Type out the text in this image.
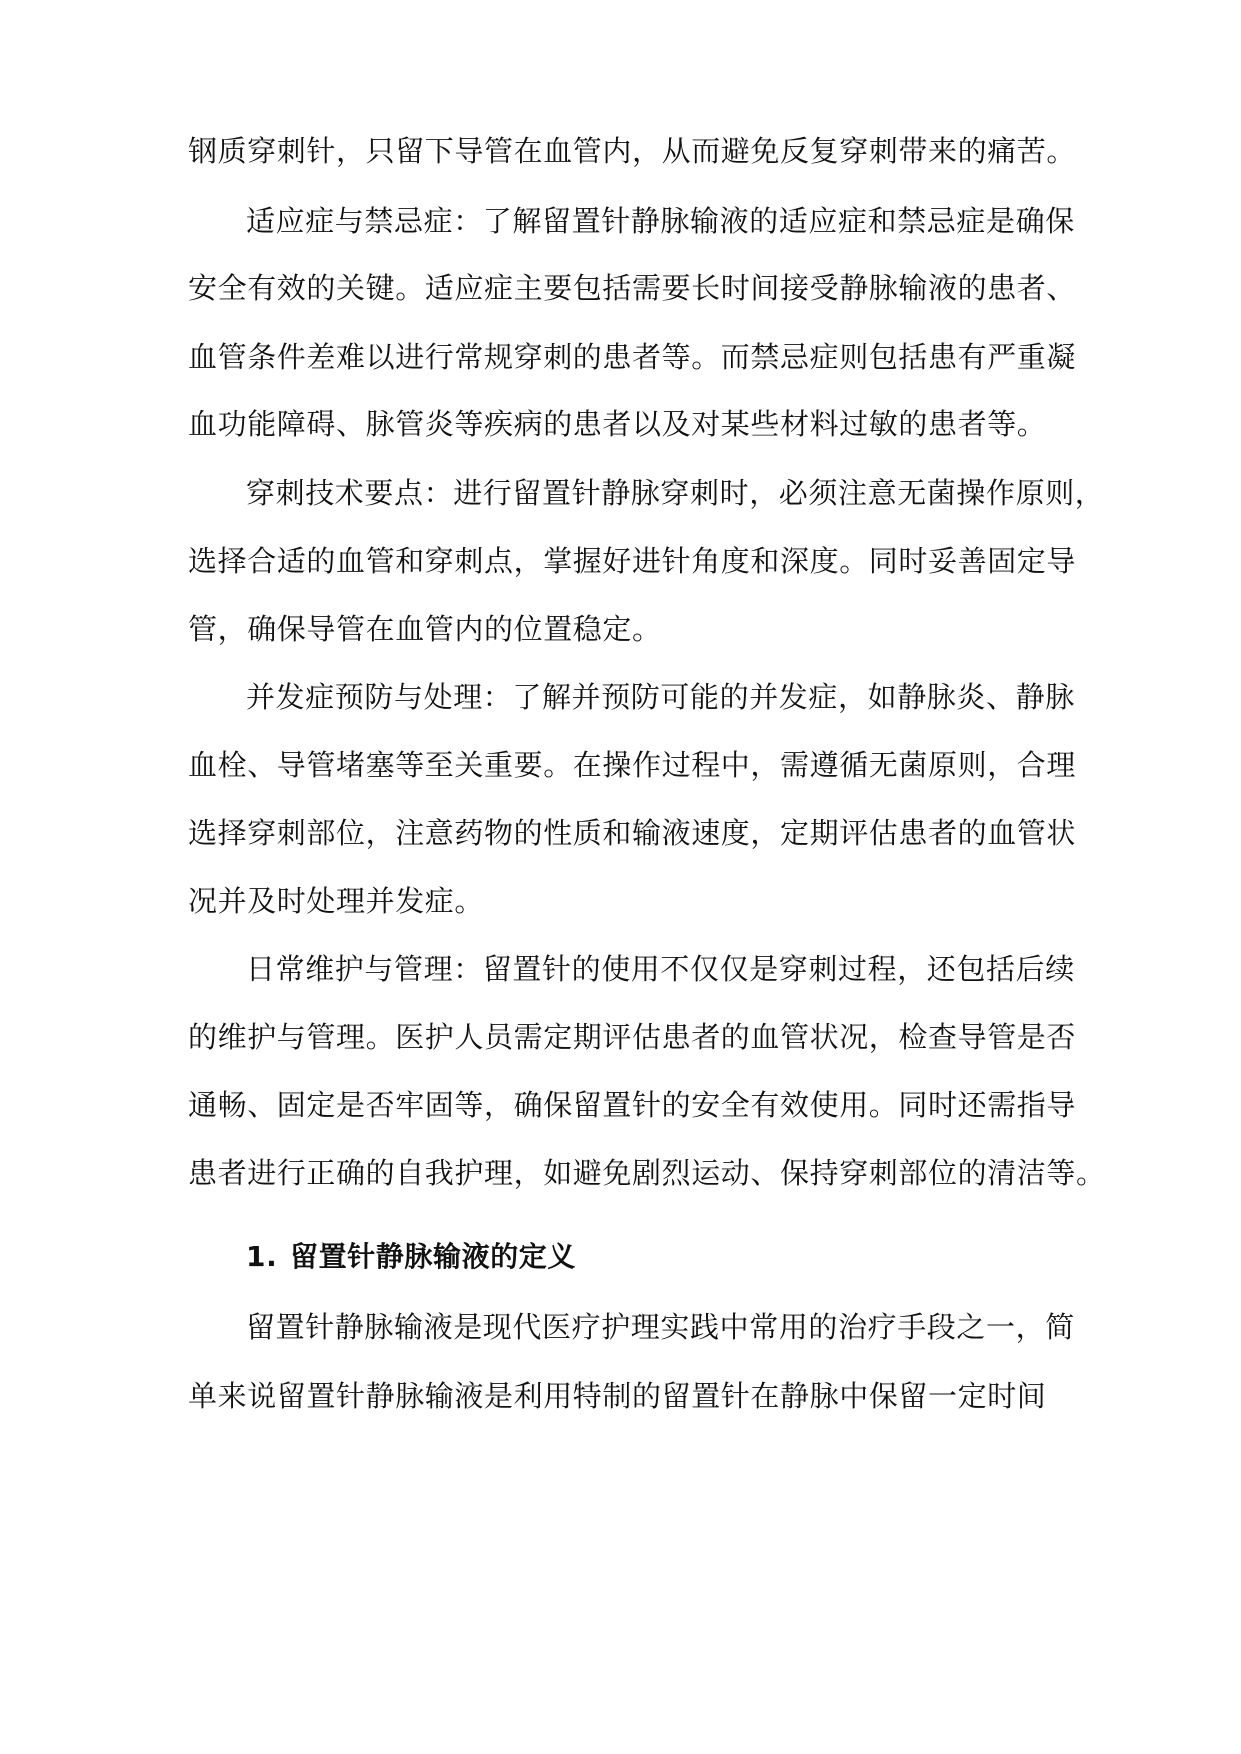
钢质穿刺针，只留下导管在血管内，从而避免反复穿刺带来的痛苦。
适应症与禁忌症：了解留置针静脉输液的适应症和禁忌症是确保
安全有效的关键。适应症主要包括需要长时间接受静脉输液的患者、
血管条件差难以进行常规穿刺的患者等。而禁忌症则包括患有严重凝
血功能障碍、脉管炎等疾病的患者以及对某些材料过敏的患者等。
穿刺技术要点：进行留置针静脉穿刺时，必须注意无菌操作原则，
选择合适的血管和穿刺点，掌握好进针角度和深度。同时妥善固定导
管，确保导管在血管内的位置稳定。
并发症预防与处理：了解并预防可能的并发症，如静脉炎、静脉
血栓、导管堵塞等至关重要。在操作过程中，需遵循无菌原则，合理
选择穿刺部位，注意药物的性质和输液速度，定期评估患者的血管状
况并及时处理并发症。
日常维护与管理：留置针的使用不仅仅是穿刺过程，还包括后续
的维护与管理。医护人员需定期评估患者的血管状况，检查导管是否
通畅、固定是否牢固等，确保留置针的安全有效使用。同时还需指导
患者进行正确的自我护理，如避免剧烈运动、保持穿刺部位的清洁等。
1. 留置针静脉输液的定义
留置针静脉输液是现代医疗护理实践中常用的治疗手段之一，简
单来说留置针静脉输液是利用特制的留置针在静脉中保留一定时间
